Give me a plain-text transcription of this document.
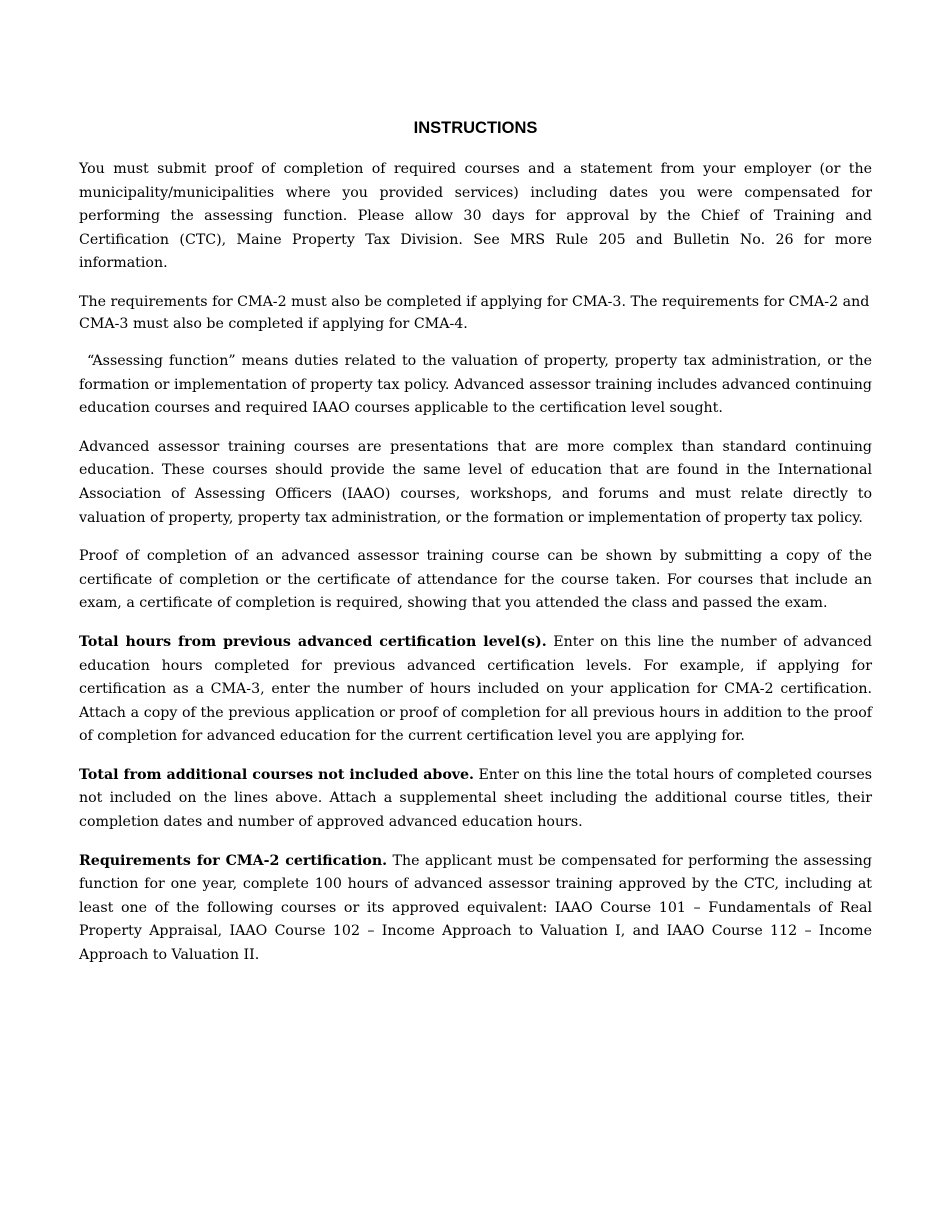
INSTRUCTIONS

You must submit proof of completion of required courses and a statement from your employer (or the municipality/municipalities where you provided services) including dates you were compensated for performing the assessing function. Please allow 30 days for approval by the Chief of Training and Certification (CTC), Maine Property Tax Division. See MRS Rule 205 and Bulletin No. 26 for more information.

The requirements for CMA-2 must also be completed if applying for CMA-3. The requirements for CMA-2 and CMA-3 must also be completed if applying for CMA-4.

“Assessing function” means duties related to the valuation of property, property tax administration, or the formation or implementation of property tax policy. Advanced assessor training includes advanced continuing education courses and required IAAO courses applicable to the certification level sought.

Advanced assessor training courses are presentations that are more complex than standard continuing education. These courses should provide the same level of education that are found in the International Association of Assessing Officers (IAAO) courses, workshops, and forums and must relate directly to valuation of property, property tax administration, or the formation or implementation of property tax policy.

Proof of completion of an advanced assessor training course can be shown by submitting a copy of the certificate of completion or the certificate of attendance for the course taken. For courses that include an exam, a certificate of completion is required, showing that you attended the class and passed the exam.

Total hours from previous advanced certification level(s). Enter on this line the number of advanced education hours completed for previous advanced certification levels. For example, if applying for certification as a CMA-3, enter the number of hours included on your application for CMA-2 certification. Attach a copy of the previous application or proof of completion for all previous hours in addition to the proof of completion for advanced education for the current certification level you are applying for.

Total from additional courses not included above. Enter on this line the total hours of completed courses not included on the lines above. Attach a supplemental sheet including the additional course titles, their completion dates and number of approved advanced education hours.

Requirements for CMA-2 certification. The applicant must be compensated for performing the assessing function for one year, complete 100 hours of advanced assessor training approved by the CTC, including at least one of the following courses or its approved equivalent: IAAO Course 101 – Fundamentals of Real Property Appraisal, IAAO Course 102 – Income Approach to Valuation I, and IAAO Course 112 – Income Approach to Valuation II.
